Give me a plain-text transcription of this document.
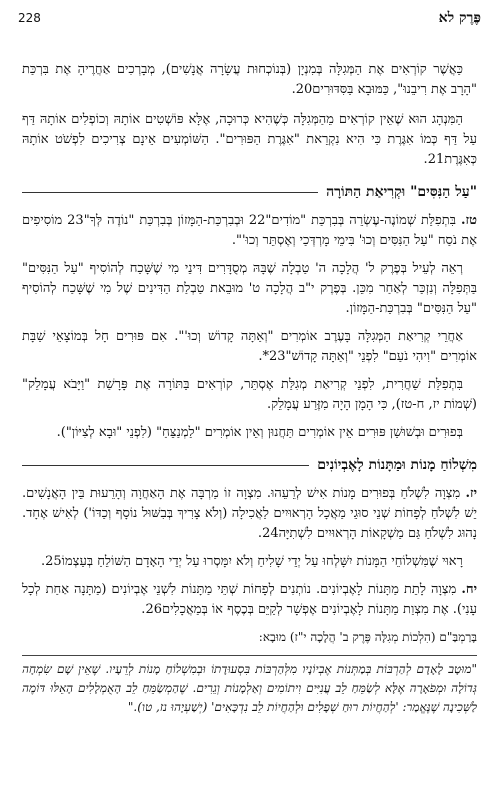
פֶּרֶק לא
228

כַּאֲשֶׁר קוֹרְאִים אֶת הַמְּגִלָּה בְּמִנְיָן (בְּנוֹכְחוּת עֲשָׂרָה אֲנָשִׁים), מְבָרְכִים אַחֲרֶיהָ אֶת בִּרְכַּת "הָרָב אֶת רִיבֵנוּ", כַּמּוּבָא בַּסִּדּוּרִים20.

הַמִּנְהָג הוּא שֶׁאֵין קוֹרְאִים מֵהַמְּגִלָּה כְּשֶׁהִיא כְּרוּכָה, אֶלָּא פּוֹשְׁטִים אוֹתָהּ וְכוֹפְלִים אוֹתָהּ דַּף עַל דַּף כְּמוֹ אִגֶּרֶת כִּי הִיא נִקְרֵאת "אִגֶּרֶת הַפּוּרִים". הַשּׁוֹמְעִים אֵינָם צְרִיכִים לִפְשֹׁט אוֹתָהּ כְּאִגֶּרֶת21.

"עַל הַנִּסִּים" וּקְרִיאַת הַתּוֹרָה

טז. בִּתְפִלַּת שְׁמוֹנֶה-עֶשְׂרֵה בְּבִרְכַּת "מוֹדִים"22 וּבְבִרְכַּת-הַמָּזוֹן בְּבִרְכַּת "נוֹדֶה לְּךָ"23 מוֹסִיפִים אֶת נֹסַח "עַל הַנִּסִּים וְכוּ' בִּימֵי מָרְדְּכַי וְאֶסְתֵּר וְכוּ'".

רְאֵה לְעֵיל בְּפֶרֶק ל' הֲלָכָה ה' טַבְלָה שֶׁבָּהּ מְסֻדָּרִים דִּינֵי מִי שֶׁשָּׁכַח לְהוֹסִיף "עַל הַנִּסִּים" בַּתְּפִלָּה וְנִזְכַּר לְאַחַר מִכֵּן. בְּפֶרֶק י"ב הֲלָכָה ט' מוּבֵאת טַבְלַת הַדִּינִים שֶׁל מִי שֶׁשָּׁכַח לְהוֹסִיף "עַל הַנִּסִּים" בְּבִרְכַּת-הַמָּזוֹן.

אַחֲרֵי קְרִיאַת הַמְּגִלָּה בָּעֶרֶב אוֹמְרִים "וְאַתָּה קָדוֹשׁ וְכוּ'". אִם פּוּרִים חָל בְּמוֹצָאֵי שַׁבָּת אוֹמְרִים "וִיהִי נֹעַם" לִפְנֵי "וְאַתָּה קָדוֹשׁ"23*.

בִּתְפִלַּת שַׁחֲרִית, לִפְנֵי קְרִיאַת מְגִלַּת אֶסְתֵּר, קוֹרְאִים בַּתּוֹרָה אֶת פָּרָשַׁת "וַיָּבֹא עֲמָלֵק" (שְׁמוֹת יז, ח-טז), כִּי הָמָן הָיָה מִזֶּרַע עֲמָלֵק.

בְּפוּרִים וּבְשׁוּשַׁן פּוּרִים אֵין אוֹמְרִים תַּחֲנוּן וְאֵין אוֹמְרִים "לַמְנַצֵּחַ" (לִפְנֵי "וּבָא לְצִיּוֹן").

מִשְׁלוֹחַ מָנוֹת וּמַתָּנוֹת לָאֶבְיוֹנִים

יז. מִצְוָה לִשְׁלֹחַ בְּפוּרִים מָנוֹת אִישׁ לְרֵעֵהוּ. מִצְוָה זוֹ מַרְבָּה אֶת הָאַחֲוָה וְהָרֵעוּת בֵּין הָאֲנָשִׁים. יֵשׁ לִשְׁלֹחַ לְפָחוֹת שְׁנֵי סוּגֵי מַאֲכָל הָרְאוּיִים לַאֲכִילָה (וְלֹא צָרִיךְ בְּבִשּׁוּל נוֹסָף וְכַדּוֹ') לְאִישׁ אֶחָד. נָהוּג לִשְׁלֹחַ גַּם מַשְׁקָאוֹת הָרְאוּיִים לִשְׁתִיָּה24.

רָאוּי שֶׁמִּשְׁלוֹחֵי הַמָּנוֹת יִשָּׁלְחוּ עַל יְדֵי שָׁלִיחַ וְלֹא יִמָּסְרוּ עַל יְדֵי הָאָדָם הַשּׁוֹלֵחַ בְּעַצְמוֹ25.

יח. מִצְוָה לָתֵת מַתָּנוֹת לָאֶבְיוֹנִים. נוֹתְנִים לְפָחוֹת שְׁתֵּי מַתָּנוֹת לִשְׁנֵי אֶבְיוֹנִים (מַתָּנָה אַחַת לְכָל עָנִי). אֶת מִצְוַת מַתָּנוֹת לָאֶבְיוֹנִים אֶפְשָׁר לְקַיֵּם בְּכֶסֶף אוֹ בְּמַאֲכָלִים26.

בָּרַמְבַּ"ם (הִלְכוֹת מְגִלָּה פֶּרֶק ב' הֲלָכָה י"ז) מוּבָא:

"מוּטָב לָאָדָם לְהַרְבּוֹת בְּמַתְּנוֹת אֶבְיוֹנָיו מִלְּהַרְבּוֹת בִּסְעוּדָתוֹ וּבְמִשְׁלוֹחַ מָנוֹת לְרֵעָיו. שֶׁאֵין שָׁם שִׂמְחָה גְּדוֹלָה וּמְפֹאָרָה אֶלָּא לְשַׂמֵּחַ לֵב עֲנִיִּים וִיתוֹמִים וְאַלְמָנוֹת וְגֵרִים. שֶׁהַמְשַׂמֵּחַ לֵב הָאֻמְלָלִים הָאֵלּוּ דּוֹמֶה לַשְּׁכִינָה שֶׁנֶּאֱמַר: 'לְהַחֲיוֹת רוּחַ שְׁפָלִים וּלְהַחֲיוֹת לֵב נִדְכָּאִים' (יְשַׁעְיָהוּ נז, טו)."
